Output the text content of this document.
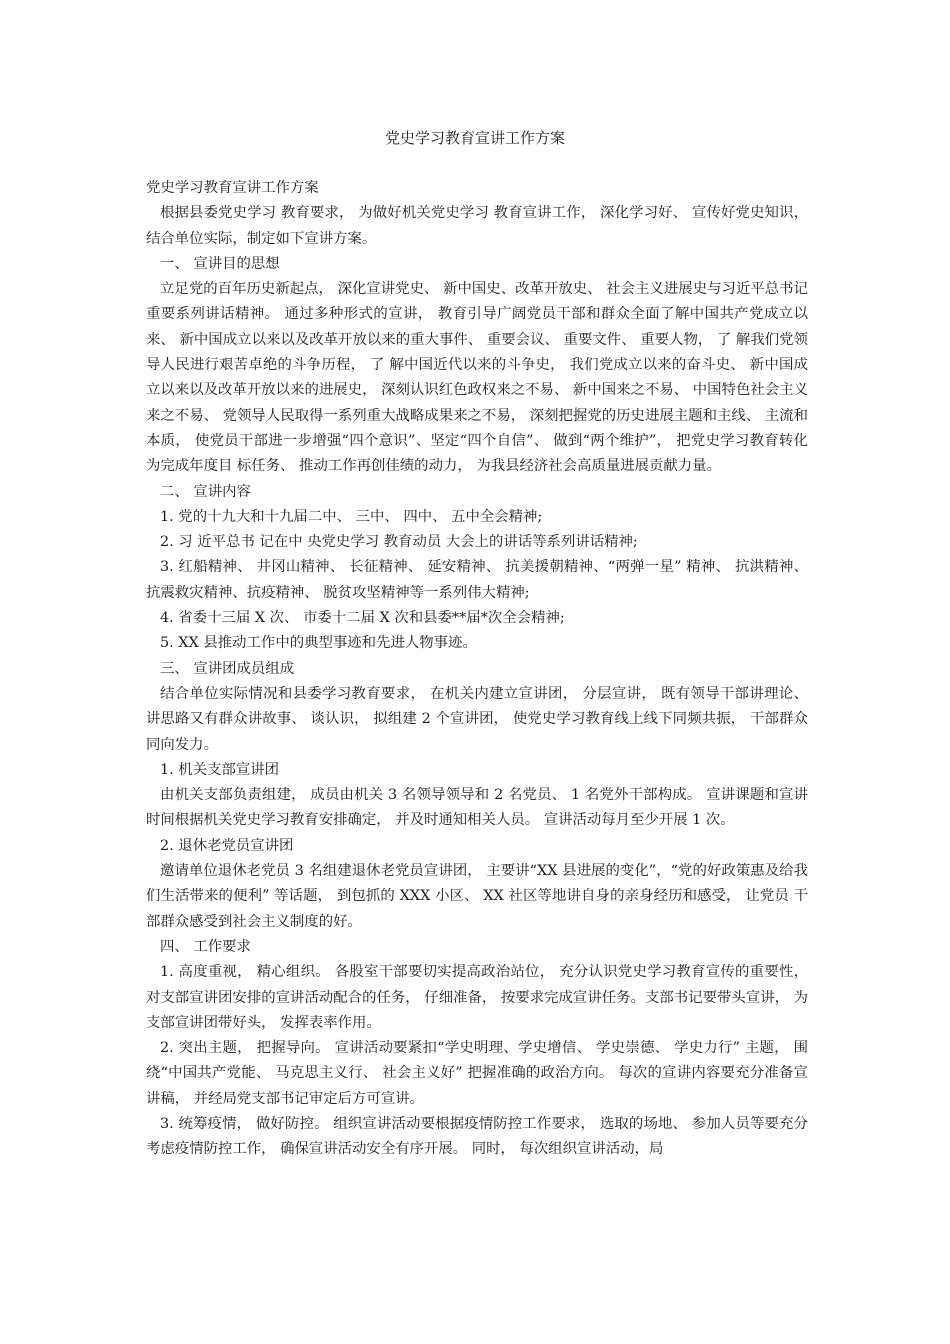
党史学习教育宣讲工作方案

党史学习教育宣讲工作方案

根据县委党史学习 教育要求， 为做好机关党史学习 教育宣讲工作， 深化学习好、 宣传好党史知识， 结合单位实际，制定如下宣讲方案。

一、 宣讲目的思想

立足党的百年历史新起点， 深化宣讲党史、 新中国史、改革开放史、 社会主义进展史与习近平总书记重要系列讲话精神。 通过多种形式的宣讲， 教育引导广阔党员干部和群众全面了解中国共产党成立以来、 新中国成立以来以及改革开放以来的重大事件、 重要会议、 重要文件、 重要人物， 了 解我们党领导人民进行艰苦卓绝的斗争历程， 了 解中国近代以来的斗争史， 我们党成立以来的奋斗史、 新中国成立以来以及改革开放以来的进展史， 深刻认识红色政权来之不易、 新中国来之不易、 中国特色社会主义来之不易、 党领导人民取得一系列重大战略成果来之不易， 深刻把握党的历史进展主题和主线、 主流和本质， 使党员干部进一步增强“四个意识”、坚定“四个自信”、 做到“两个维护”， 把党史学习教育转化为完成年度目 标任务、 推动工作再创佳绩的动力， 为我县经济社会高质量进展贡献力量。

二、 宣讲内容

1. 党的十九大和十九届二中、 三中、 四中、 五中全会精神;

2. 习 近平总书 记在中 央党史学习 教育动员 大会上的讲话等系列讲话精神;

3. 红船精神、 井冈山精神、 长征精神、 延安精神、 抗美援朝精神、“两弹一星” 精神、 抗洪精神、 抗震救灾精神、抗疫精神、 脱贫攻坚精神等一系列伟大精神;

4. 省委十三届 X 次、 市委十二届 X 次和县委**届*次全会精神;

5. XX 县推动工作中的典型事迹和先进人物事迹。

三、 宣讲团成员组成

结合单位实际情况和县委学习教育要求， 在机关内建立宣讲团， 分层宣讲， 既有领导干部讲理论、 讲思路又有群众讲故事、 谈认识， 拟组建 2 个宣讲团， 使党史学习教育线上线下同频共振， 干部群众同向发力。

1. 机关支部宣讲团

由机关支部负责组建， 成员由机关 3 名领导领导和 2 名党员、 1 名党外干部构成。 宣讲课题和宣讲时间根据机关党史学习教育安排确定， 并及时通知相关人员。 宣讲活动每月至少开展 1 次。

2. 退休老党员宣讲团

邀请单位退休老党员 3 名组建退休老党员宣讲团， 主要讲“XX 县进展的变化”，“党的好政策惠及给我们生活带来的便利” 等话题， 到包抓的 XXX 小区、 XX 社区等地讲自身的亲身经历和感受， 让党员 干部群众感受到社会主义制度的好。

四、 工作要求

1. 高度重视， 精心组织。 各股室干部要切实提高政治站位， 充分认识党史学习教育宣传的重要性， 对支部宣讲团安排的宣讲活动配合的任务， 仔细准备， 按要求完成宣讲任务。支部书记要带头宣讲， 为支部宣讲团带好头， 发挥表率作用。

2. 突出主题， 把握导向。 宣讲活动要紧扣“学史明理、学史增信、 学史崇德、 学史力行” 主题， 围绕“中国共产党能、 马克思主义行、 社会主义好” 把握准确的政治方向。 每次的宣讲内容要充分准备宣讲稿， 并经局党支部书记审定后方可宣讲。

3. 统筹疫情， 做好防控。 组织宣讲活动要根据疫情防控工作要求， 选取的场地、 参加人员等要充分考虑疫情防控工作， 确保宣讲活动安全有序开展。 同时， 每次组织宣讲活动，局
